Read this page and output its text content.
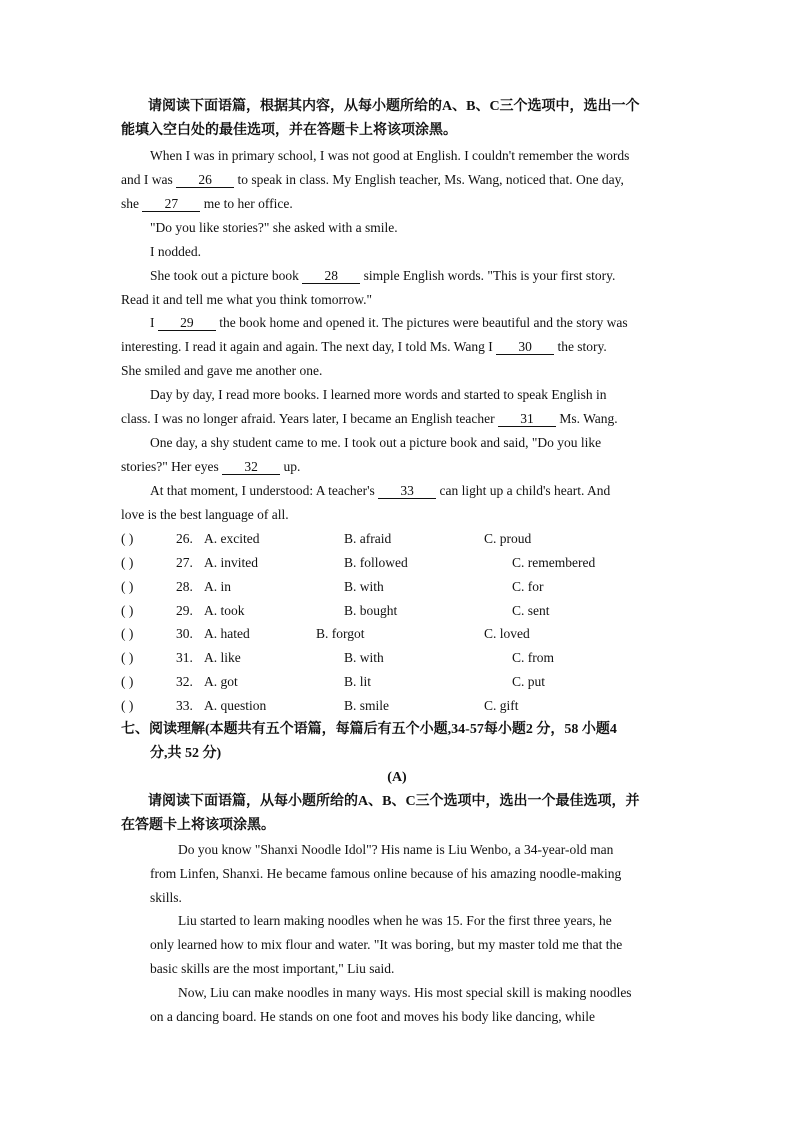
请阅读下面语篇，根据其内容，从每小题所给的A、B、C三个选项中，选出一个
能填入空白处的最佳选项，并在答题卡上将该项涂黑。
When I was in primary school, I was not good at English. I couldn't remember the words
and I was 26 to speak in class. My English teacher, Ms. Wang, noticed that. One day,
she 27 me to her office.
"Do you like stories?" she asked with a smile.
I nodded.
She took out a picture book 28 simple English words. "This is your first story.
Read it and tell me what you think tomorrow."
I 29 the book home and opened it. The pictures were beautiful and the story was
interesting. I read it again and again. The next day, I told Ms. Wang I 30 the story.
She smiled and gave me another one.
Day by day, I read more books. I learned more words and started to speak English in
class. I was no longer afraid. Years later, I became an English teacher 31 Ms. Wang.
One day, a shy student came to me. I took out a picture book and said, "Do you like
stories?" Her eyes 32 up.
At that moment, I understood: A teacher's 33 can light up a child's heart. And
love is the best language of all.
( )	26. A. excited	B. afraid	C. proud
( )	27. A. invited	B. followed	C. remembered
( )	28. A. in	B. with	C. for
( )	29. A. took	B. bought	C. sent
( )	30. A. hated	B. forgot	C. loved
( )	31. A. like	B. with	C. from
( )	32. A. got	B. lit	C. put
( )	33. A. question	B. smile	C. gift
七、阅读理解(本题共有五个语篇，每篇后有五个小题,34-57每小题2 分，58 小题4
分,共 52 分)
(A)
请阅读下面语篇，从每小题所给的A、B、C三个选项中，选出一个最佳选项，并
在答题卡上将该项涂黑。
Do you know "Shanxi Noodle Idol"? His name is Liu Wenbo, a 34-year-old man
from Linfen, Shanxi. He became famous online because of his amazing noodle-making
skills.
Liu started to learn making noodles when he was 15. For the first three years, he
only learned how to mix flour and water. "It was boring, but my master told me that the
basic skills are the most important," Liu said.
Now, Liu can make noodles in many ways. His most special skill is making noodles
on a dancing board. He stands on one foot and moves his body like dancing, while
